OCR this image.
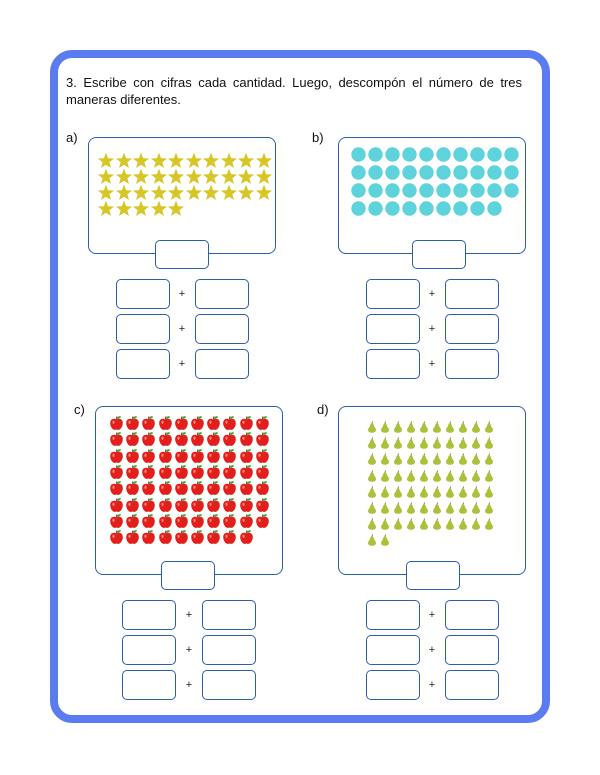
3. Escribe con cifras cada cantidad. Luego, descompón el número de tres maneras diferentes.
a)
+
+
+
b)
+
+
+
c)
+
+
+
d)
+
+
+
